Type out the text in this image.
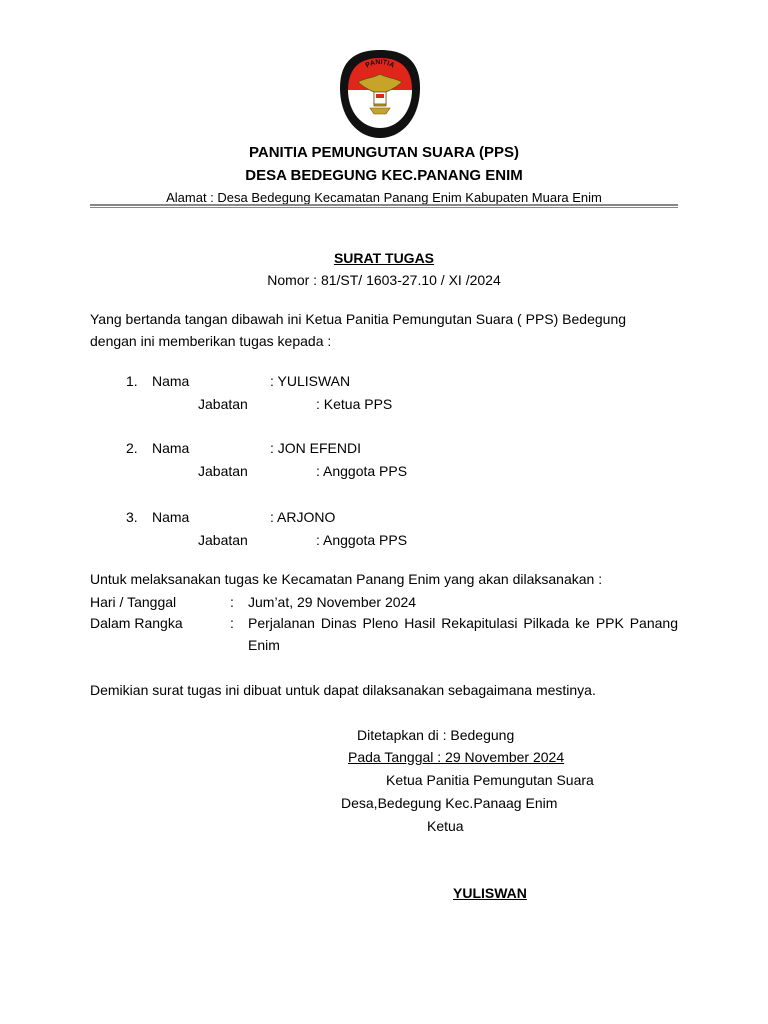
PANITIA
PEMUNGUTAN SUARA
PANITIA PEMUNGUTAN SUARA (PPS)
DESA BEDEGUNG KEC.PANANG ENIM
Alamat : Desa Bedegung Kecamatan Panang Enim Kabupaten Muara Enim
SURAT TUGAS
Nomor : 81/ST/ 1603-27.10 / XI /2024
Yang bertanda tangan dibawah ini Ketua Panitia Pemungutan Suara ( PPS) Bedegung
dengan ini memberikan tugas kepada :
1. Nama	: YULISWAN
Jabatan	: Ketua PPS
2. Nama	: JON EFENDI
Jabatan	: Anggota PPS
3. Nama	: ARJONO
Jabatan	: Anggota PPS
Untuk melaksanakan tugas ke Kecamatan Panang Enim yang akan dilaksanakan :
Hari / Tanggal	: Jum’at, 29 November 2024
Dalam Rangka	: Perjalanan Dinas Pleno Hasil Rekapitulasi Pilkada ke PPK Panang Enim
Demikian surat tugas ini dibuat untuk dapat dilaksanakan sebagaimana mestinya.
Ditetapkan di : Bedegung
Pada Tanggal : 29 November 2024
Ketua Panitia Pemungutan Suara
Desa,Bedegung Kec.Panaag Enim
Ketua
YULISWAN
